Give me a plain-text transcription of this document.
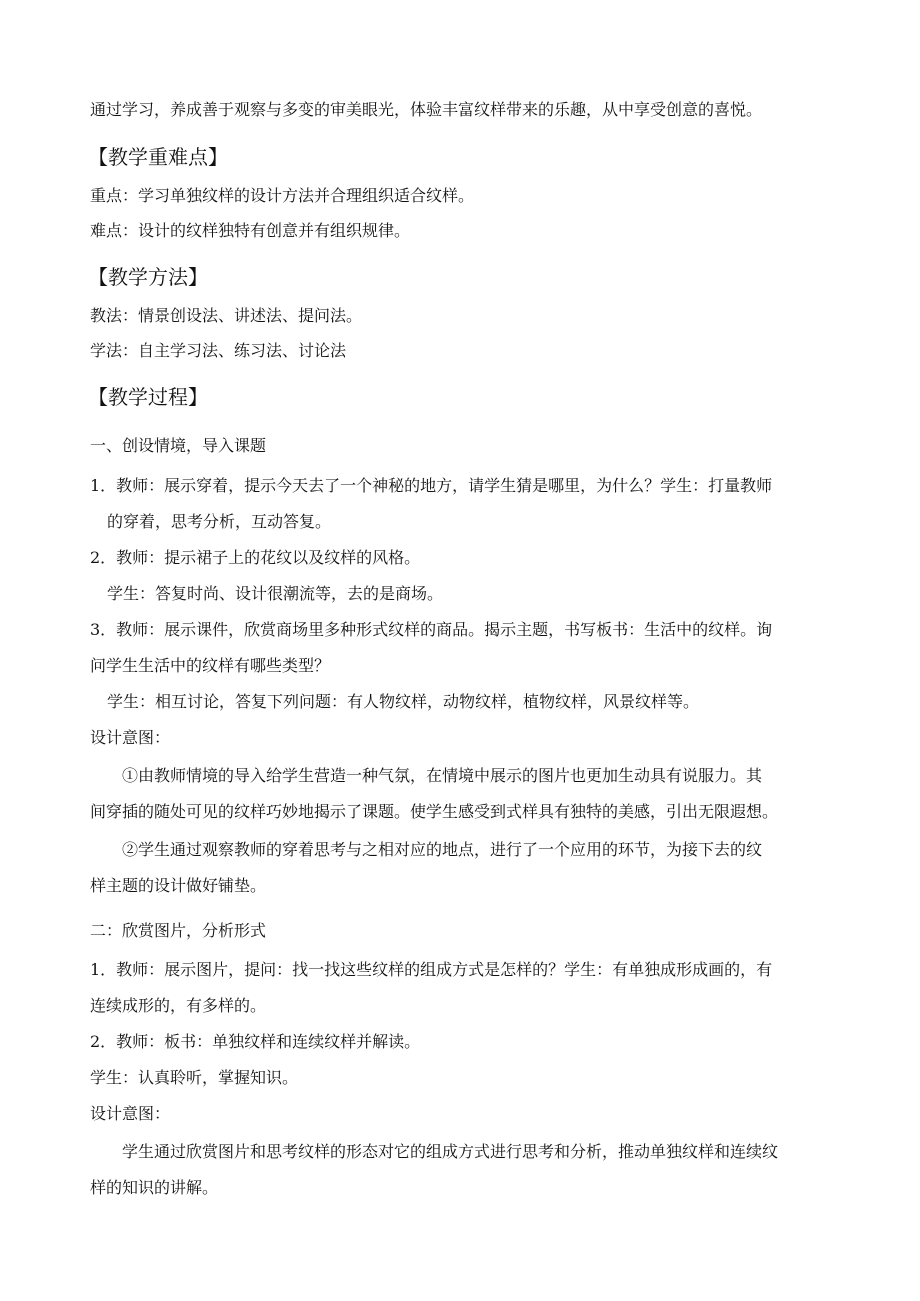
通过学习，养成善于观察与多变的审美眼光，体验丰富纹样带来的乐趣，从中享受创意的喜悦。
【教学重难点】
重点：学习单独纹样的设计方法并合理组织适合纹样。
难点：设计的纹样独特有创意并有组织规律。
【教学方法】
教法：情景创设法、讲述法、提问法。
学法：自主学习法、练习法、讨论法
【教学过程】
一、创设情境，导入课题
1．教师：展示穿着，提示今天去了一个神秘的地方，请学生猜是哪里，为什么？学生：打量教师
的穿着，思考分析，互动答复。
2．教师：提示裙子上的花纹以及纹样的风格。
学生：答复时尚、设计很潮流等，去的是商场。
3．教师：展示课件，欣赏商场里多种形式纹样的商品。揭示主题，书写板书：生活中的纹样。询
问学生生活中的纹样有哪些类型？
学生：相互讨论，答复下列问题：有人物纹样，动物纹样，植物纹样，风景纹样等。
设计意图：
①由教师情境的导入给学生营造一种气氛，在情境中展示的图片也更加生动具有说服力。其
间穿插的随处可见的纹样巧妙地揭示了课题。使学生感受到式样具有独特的美感，引出无限遐想。
②学生通过观察教师的穿着思考与之相对应的地点，进行了一个应用的环节，为接下去的纹
样主题的设计做好铺垫。
二：欣赏图片，分析形式
1．教师：展示图片，提问：找一找这些纹样的组成方式是怎样的？学生：有单独成形成画的，有
连续成形的，有多样的。
2．教师：板书：单独纹样和连续纹样并解读。
学生：认真聆听，掌握知识。
设计意图：
学生通过欣赏图片和思考纹样的形态对它的组成方式进行思考和分析，推动单独纹样和连续纹
样的知识的讲解。
